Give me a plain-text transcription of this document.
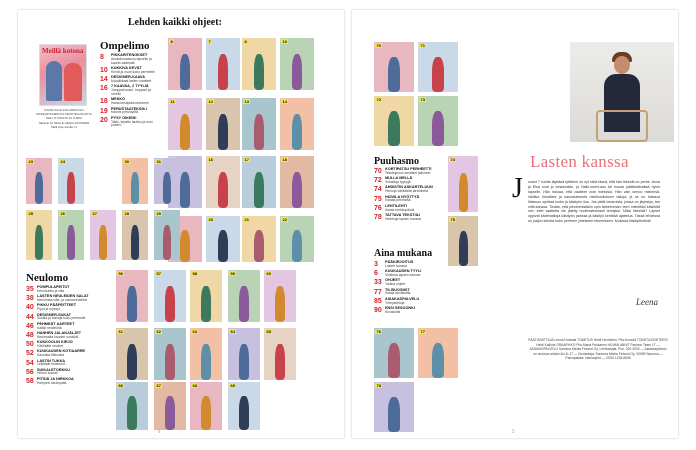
Lehden kaikki ohjeet:
Meillä kotona
KANSI KUVA PIIA ARNOULD
MAKEUP/KAMPAUS KRISTIINA RUOTSI
MALLIT KRISTA JA LUMIA
NEULE JA NEULE HEIDI HOVINIEMI
Malli ohje sivulla 71
Ompelimo
8	PIKKARITENOKSET
Asukokonaisuus lapselle ja kaunis sadesää
10 KUKKIVA KEVÄT
Kevät ja nuori koko perheelle
14 DESIGNER-KAAVA
Muodikkaat lasten vaatteet
16 7 KAAVAA, 2 TYYLIÄ
Jumppahousut, hupparit ja urheilu
18 MEKKO
Ihana kesäpukeutuminen
19 PERUSTAATEKSIILI
Kaunis perustyötä
20 PYSY OIKEIN!
Takki, tepattu laukku ja uusi pusero
Neulomo
35 POMPULAPEITOT
Keinoturkis ja villa
38 LASTEN NEULEIDEN SALAT
Neulontaa villa- ja vauvaneuleiksi
40 PIKKU PÄÄPEITTEET
Pipot ja myssyt
44 DESIGNER-SUKAT
Sukkia ja tossuja koko perheelle
46 PEHMEÄT AARTEET
Kaikki neuletöitä
48 HANHEN JALANJÄLJET
Neulepaita kauden suosikki
50 KUKKOOLIN KIRJO
Värikkäät neuleet
52 KUUKAUDEN KOTIAARRE
Kaunista tilkkuista
54 LASTIN TUKKA
Leikkisät hiuskorut
56 SUIKALETORKKU
Hienot sukset
58 PITSIÄ JA NIRKKOA
Hempeä neulepaita
8	7	8	10
11	12	13	14
16	17	18
20	21	22
23	24
25	26	27	28	29
30	31
56	57	58	59	60
61	62	63	64	65
66	67	68	69
4
Puuhasmo
70 KORTIPATSU PERHEETTI
Tekstinjousu kesäiset jalkineet
72 MULLA MELLÄ
Virkattuja tyynyjä
74 AHDISTIN ASKARTELUUN
Hienoja värikkäitä tarvikkeita
75 HUIVILA NYÖTTYÄ
Ihanaa pehmeää
76 LEHTILEHTI
Ihania herkkupäiviä
78 TATTAVA TEKSTIILI
Herkkuja lapsen kanssa
Aina mukana
3	PÄÄKIRJOITUS
Lasten kanssa
6	KUUKAUDEN TYYLI
Vinkkeja lapsen kanssa
33 OHJEET
Tarkka ohjeet
77 TILISUOSIKIT
Ihania tarvikkeita
85 ASIAKASPALVELU
Yhteystietoja
90 ENSI SESOONKI
Sivustoilla
70	71
72	73
74
75
76	77
78
Lasten kanssa
J ouset 7 vuotta täyttävä tyttäreni on nyt siinä iässä, että hän tekevät on perhe. Anna ja Elsa ovat jo keskenään, ja Hallo-ween-asu tai muuta päätäntävaltaa hyvin lapselle. Hän haluaa, että vaatteet ovat mieluisia. Hän vain kertoo mielensä. Valikka rinnaltani ja kasvatuksesta mielikuvituksen taitoja, ja se on loistava tilaisuus opettaa kodin ja käsityön iloa. Jos pidät tavaroista, joissa on järjestys, tee niitä kanssa. Tiedän, että pienimmistäkin opin tärkeimmän: teen mielelläni käsitöitä niin, ettei vaatteita ole jätetty huolimattomasti tehdyksi. Miksi tärkeää? Lapset oppivat kädentaitoja käsityön parissa ja käsityö kehittää ajattelua. Tässä lehdessä on paljon ideoita koko perheen yhteiseen tekemiseen. Mukavia käsityöhetkiä!
Leena
PÄÄTOIMITTAJA Leena Huiwala TOIMITUS Heidi Hoviniemi, Piia Arnould TOIMITUSSIHTEERI Heidi Kalliola GRAAFIKKO Piia-Maria Pekkanen HUVAN ANNIT Fashion Team LT — ASIAKASPALVELU Sanoma Media Finland Oy, Lehtiostajat. Puh. 020 3030 — Asiakaspalvelu on avoinna arkisin klo 8–17 — Kustantaja: Sanoma Media Finland Oy, 00089 Sanoma — Painopaikka: Hansaprint — ISSN 1236-8695
5
